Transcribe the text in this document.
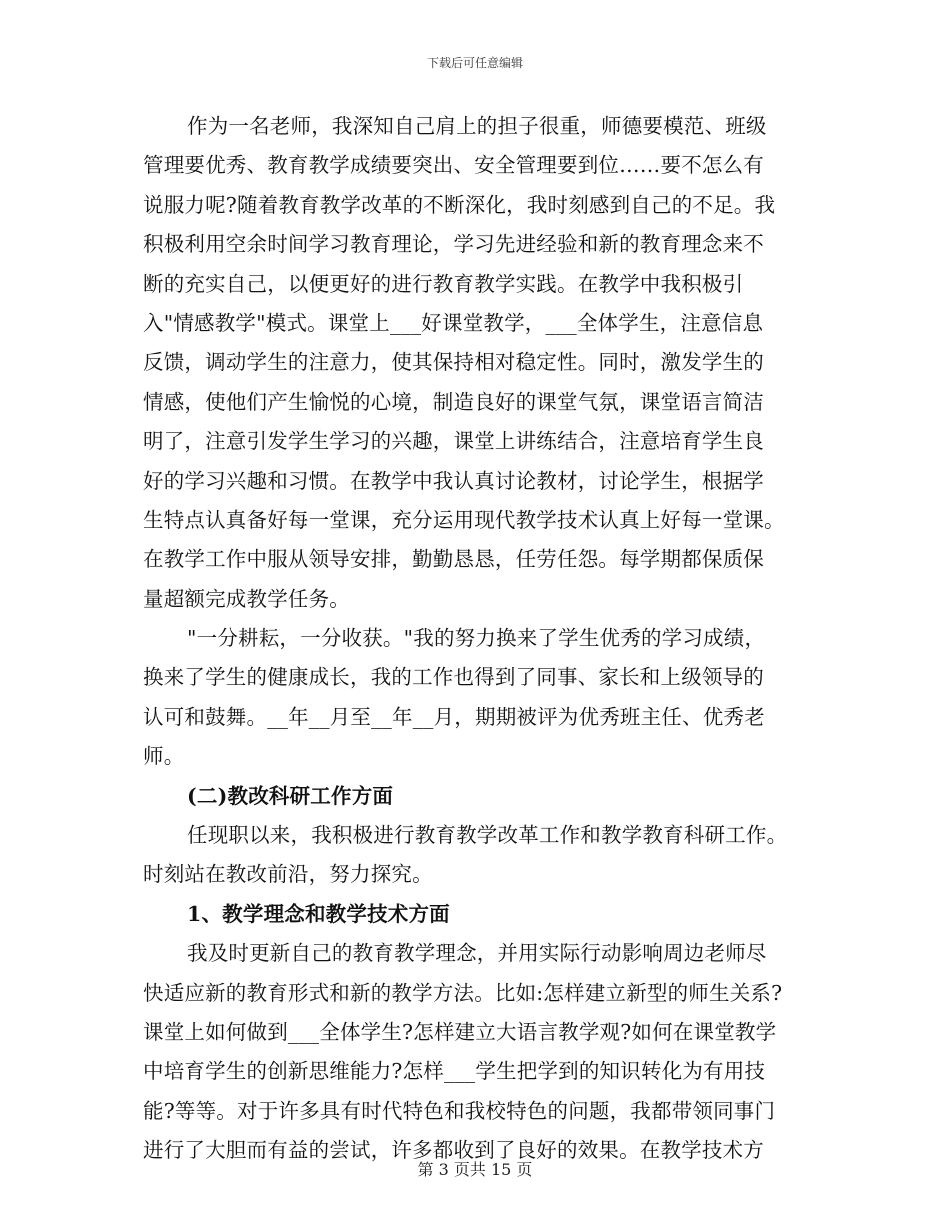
下载后可任意编辑
作为一名老师，我深知自己肩上的担子很重，师德要模范、班级
管理要优秀、教育教学成绩要突出、安全管理要到位……要不怎么有
说服力呢?随着教育教学改革的不断深化，我时刻感到自己的不足。我
积极利用空余时间学习教育理论，学习先进经验和新的教育理念来不
断的充实自己，以便更好的进行教育教学实践。在教学中我积极引
入"情感教学"模式。课堂上___好课堂教学，___全体学生，注意信息
反馈，调动学生的注意力，使其保持相对稳定性。同时，激发学生的
情感，使他们产生愉悦的心境，制造良好的课堂气氛，课堂语言简洁
明了，注意引发学生学习的兴趣，课堂上讲练结合，注意培育学生良
好的学习兴趣和习惯。在教学中我认真讨论教材，讨论学生，根据学
生特点认真备好每一堂课，充分运用现代教学技术认真上好每一堂课。
在教学工作中服从领导安排，勤勤恳恳，任劳任怨。每学期都保质保
量超额完成教学任务。
"一分耕耘，一分收获。"我的努力换来了学生优秀的学习成绩，
换来了学生的健康成长，我的工作也得到了同事、家长和上级领导的
认可和鼓舞。__年__月至__年__月，期期被评为优秀班主任、优秀老
师。
(二)教改科研工作方面
任现职以来，我积极进行教育教学改革工作和教学教育科研工作。
时刻站在教改前沿，努力探究。
1、教学理念和教学技术方面
我及时更新自己的教育教学理念，并用实际行动影响周边老师尽
快适应新的教育形式和新的教学方法。比如:怎样建立新型的师生关系?
课堂上如何做到___全体学生?怎样建立大语言教学观?如何在课堂教学
中培育学生的创新思维能力?怎样___学生把学到的知识转化为有用技
能?等等。对于许多具有时代特色和我校特色的问题，我都带领同事门
进行了大胆而有益的尝试，许多都收到了良好的效果。在教学技术方
第 3 页共 15 页
